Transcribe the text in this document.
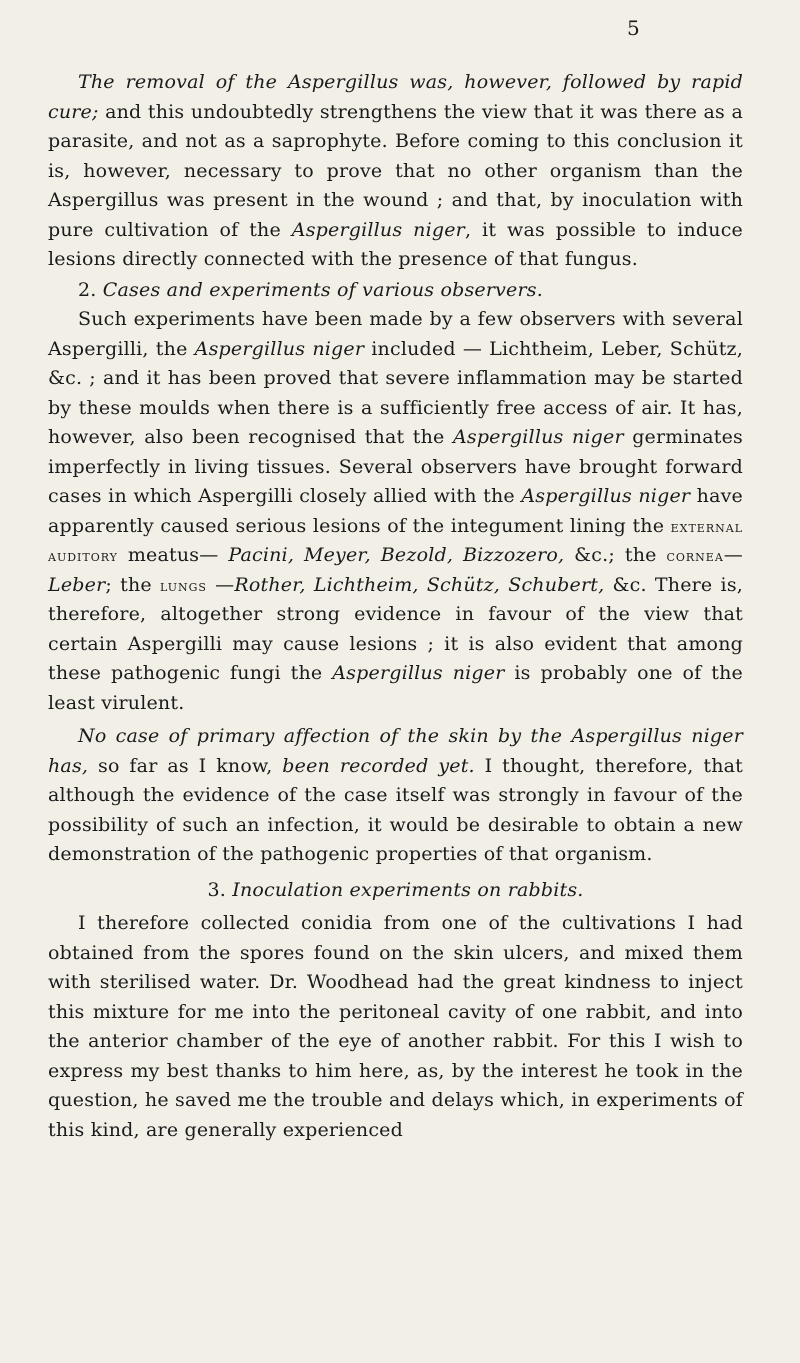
5

The removal of the Aspergillus was, however, followed by rapid cure; and this undoubtedly strengthens the view that it was there as a parasite, and not as a saprophyte. Before coming to this conclusion it is, however, necessary to prove that no other organism than the Aspergillus was present in the wound ; and that, by inoculation with pure cultivation of the Aspergillus niger, it was possible to induce lesions directly connected with the presence of that fungus.

2. Cases and experiments of various observers.

Such experiments have been made by a few observers with several Aspergilli, the Aspergillus niger included — Lichtheim, Leber, Schütz, &c. ; and it has been proved that severe inflammation may be started by these moulds when there is a sufficiently free access of air. It has, however, also been recognised that the Aspergillus niger germinates imperfectly in living tissues. Several observers have brought forward cases in which Aspergilli closely allied with the Aspergillus niger have apparently caused serious lesions of the integument lining the external auditory meatus— Pacini, Meyer, Bezold, Bizzozero, &c.; the cornea—Leber; the lungs —Rother, Lichtheim, Schütz, Schubert, &c. There is, therefore, altogether strong evidence in favour of the view that certain Aspergilli may cause lesions ; it is also evident that among these pathogenic fungi the Aspergillus niger is probably one of the least virulent.

No case of primary affection of the skin by the Aspergillus niger has, so far as I know, been recorded yet. I thought, therefore, that although the evidence of the case itself was strongly in favour of the possibility of such an infection, it would be desirable to obtain a new demonstration of the pathogenic properties of that organism.

3. Inoculation experiments on rabbits.

I therefore collected conidia from one of the cultivations I had obtained from the spores found on the skin ulcers, and mixed them with sterilised water. Dr. Woodhead had the great kindness to inject this mixture for me into the peritoneal cavity of one rabbit, and into the anterior chamber of the eye of another rabbit. For this I wish to express my best thanks to him here, as, by the interest he took in the question, he saved me the trouble and delays which, in experiments of this kind, are generally experienced
